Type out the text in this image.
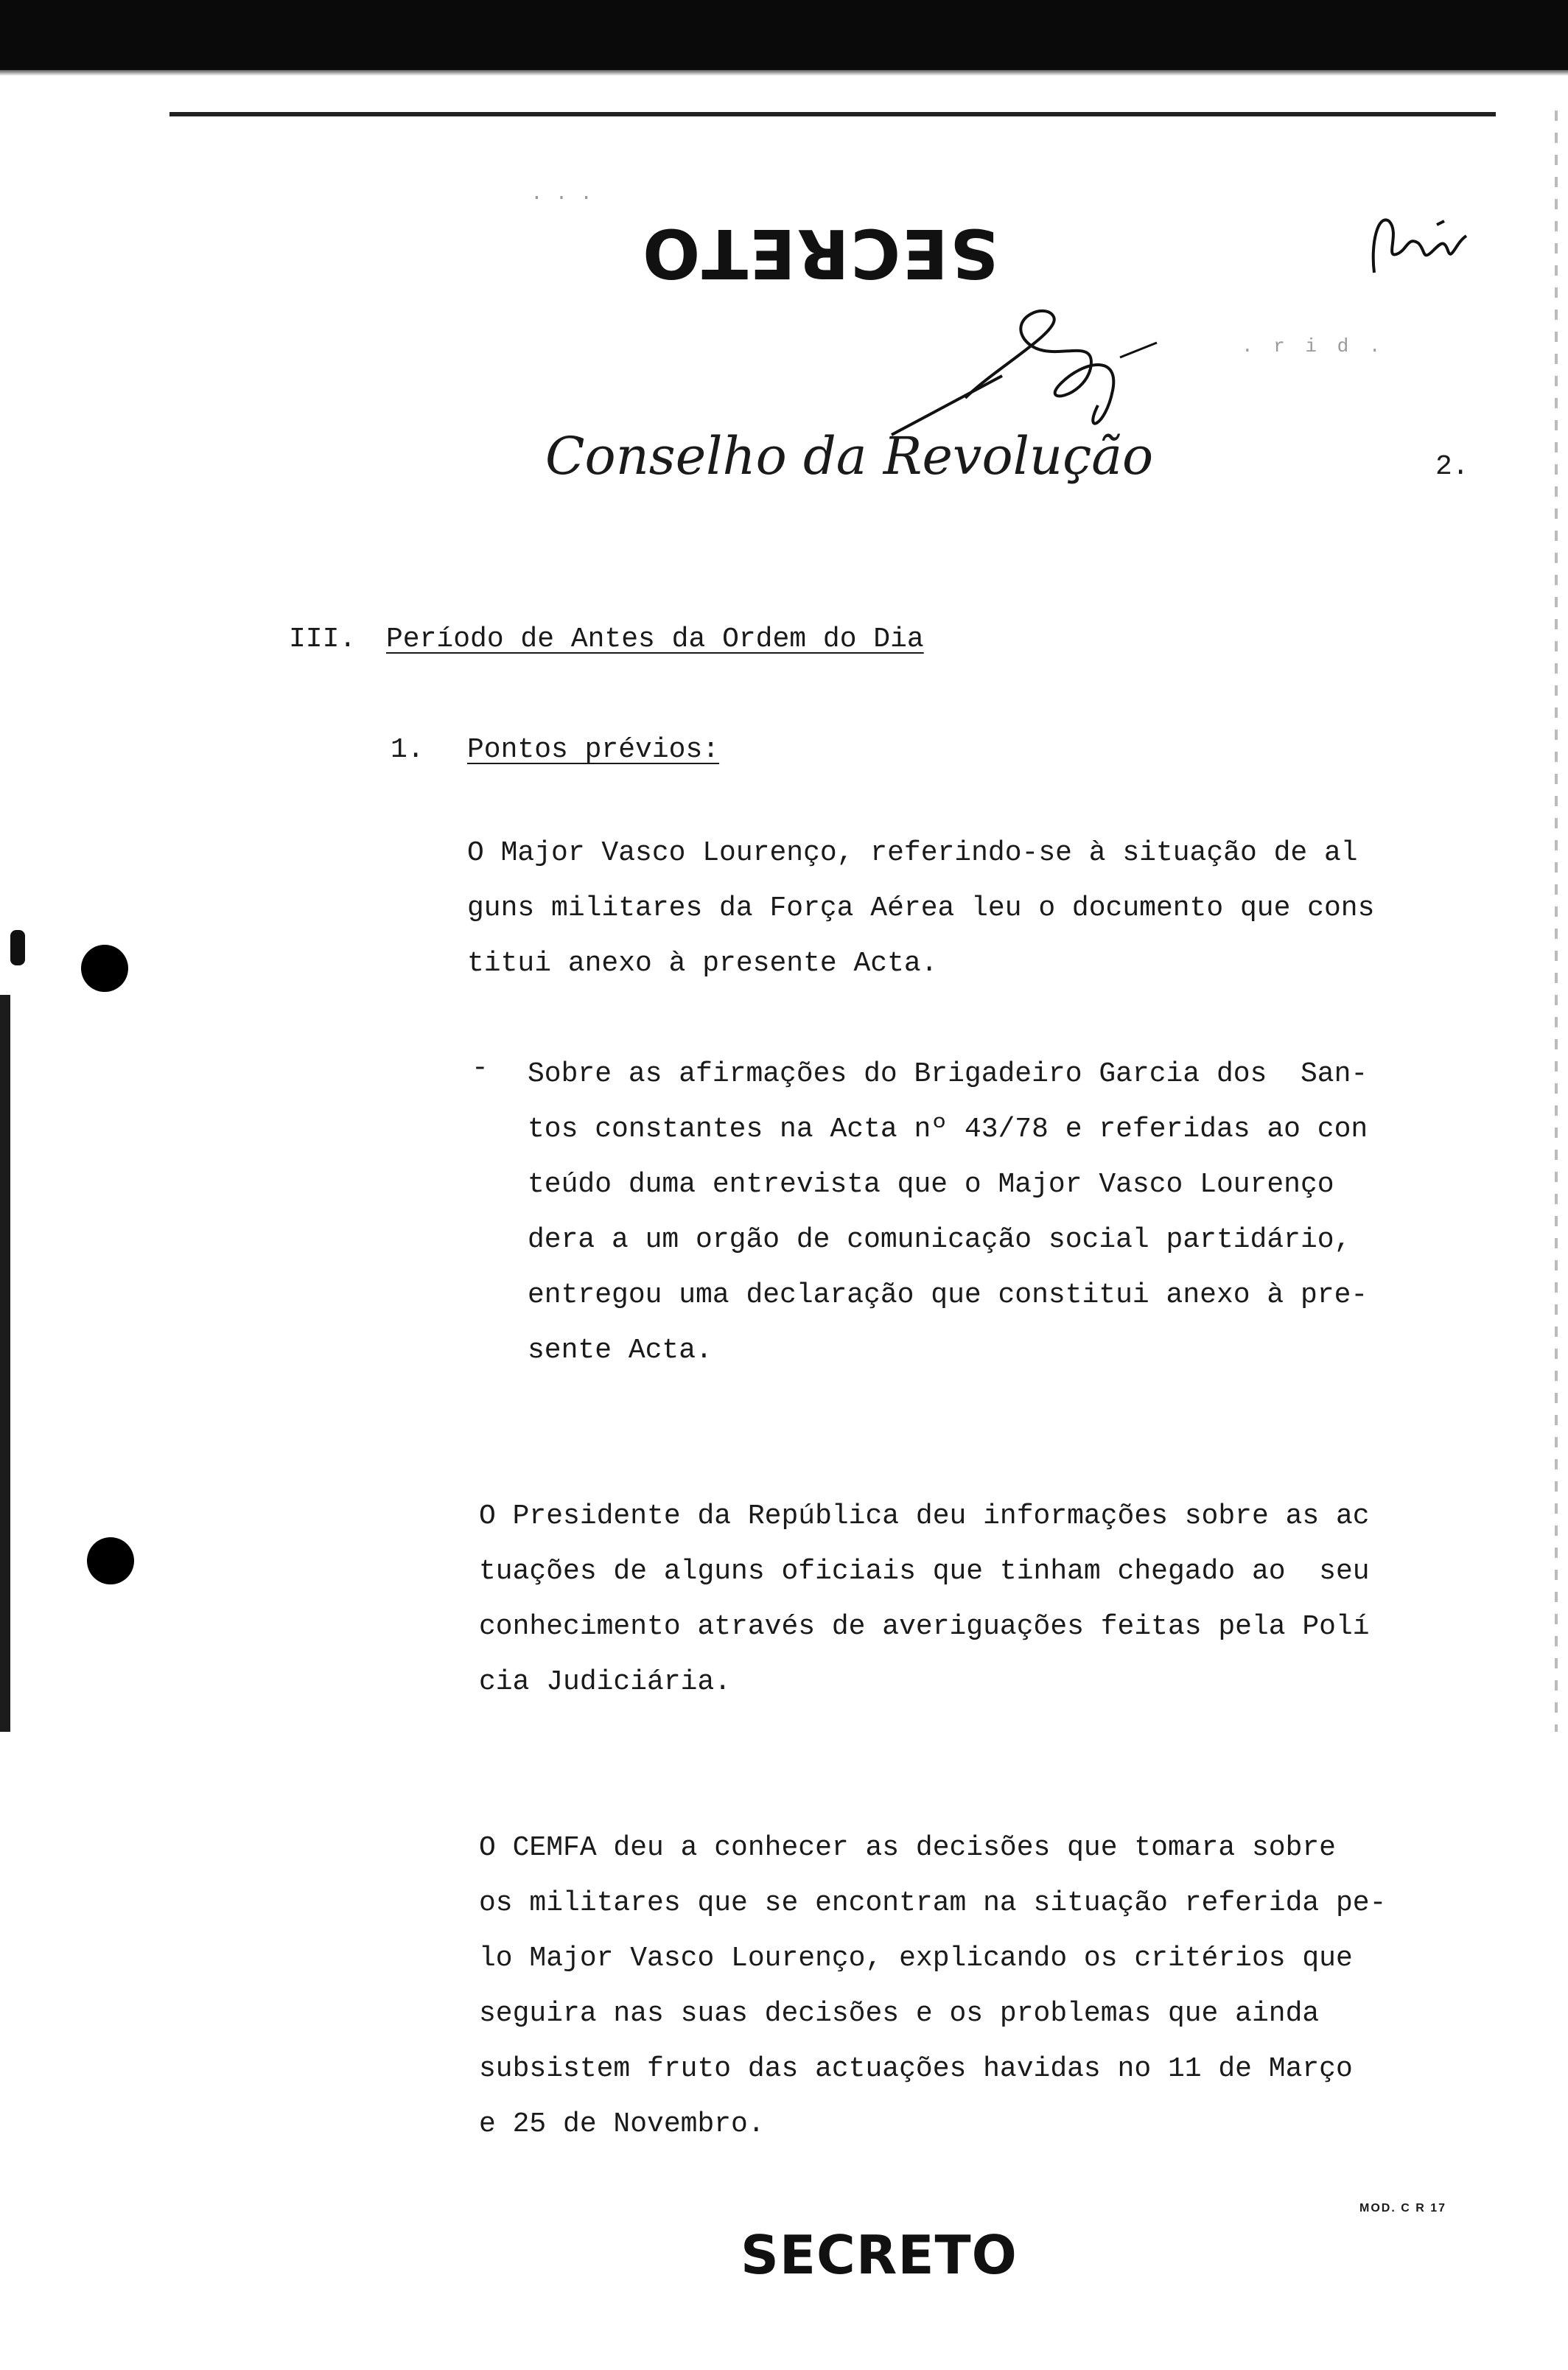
. . .
. r i d .
SECRETO
Conselho da Revolução	2.
III. Período de Antes da Ordem do Dia
1. Pontos prévios:
O Major Vasco Lourenço, referindo-se à situação de al
guns militares da Força Aérea leu o documento que cons
titui anexo à presente Acta.
- Sobre as afirmações do Brigadeiro Garcia dos  San-
tos constantes na Acta nº 43/78 e referidas ao con
teúdo duma entrevista que o Major Vasco Lourenço
dera a um orgão de comunicação social partidário,
entregou uma declaração que constitui anexo à pre-
sente Acta.
O Presidente da República deu informações sobre as ac
tuações de alguns oficiais que tinham chegado ao  seu
conhecimento através de averiguações feitas pela Polí
cia Judiciária.
O CEMFA deu a conhecer as decisões que tomara sobre
os militares que se encontram na situação referida pe-
lo Major Vasco Lourenço, explicando os critérios que
seguira nas suas decisões e os problemas que ainda
subsistem fruto das actuações havidas no 11 de Março
e 25 de Novembro.
MOD. C R 17
SECRETO
